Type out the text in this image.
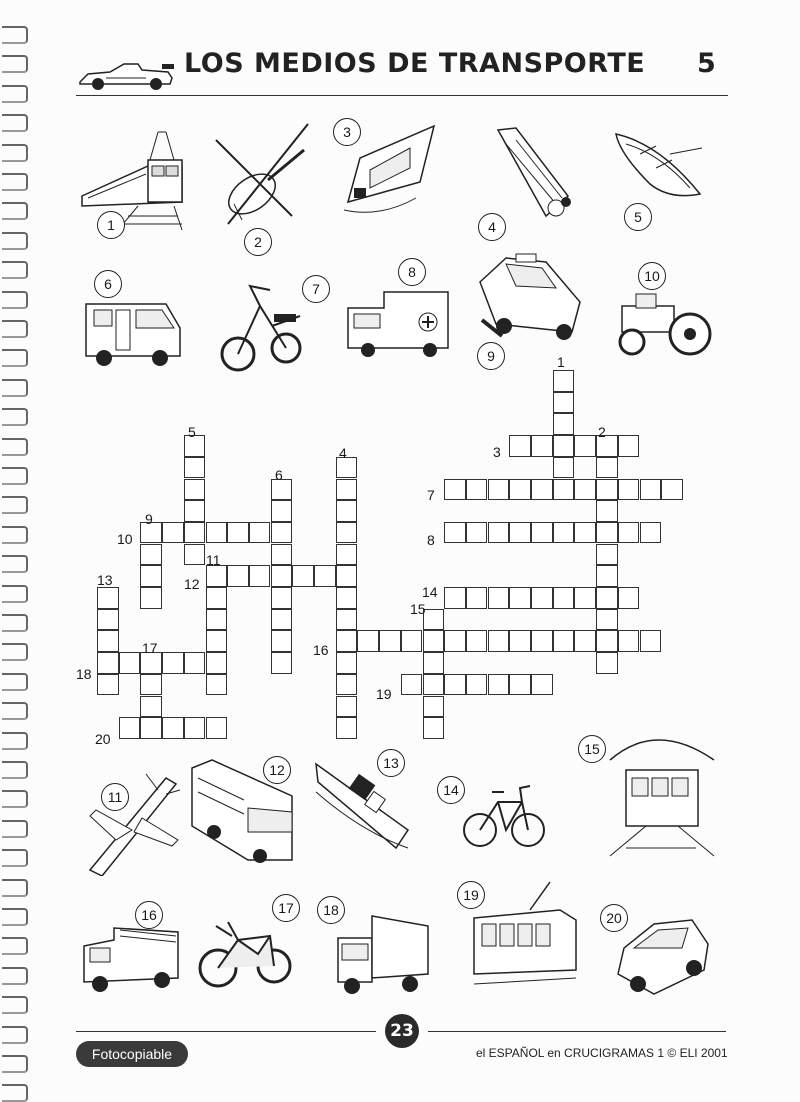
LOS MEDIOS DE TRANSPORTE 5
1
2
3
4
5
6	7
8
9
10
11
12	13
14
15
16	17	18
19
20
1
2
3
4
5
6
7
8
9
10
11
12
13
14
15
16
17
18
19
20
23
Fotocopiable	el ESPAÑOL en CRUCIGRAMAS 1 © ELI 2001
